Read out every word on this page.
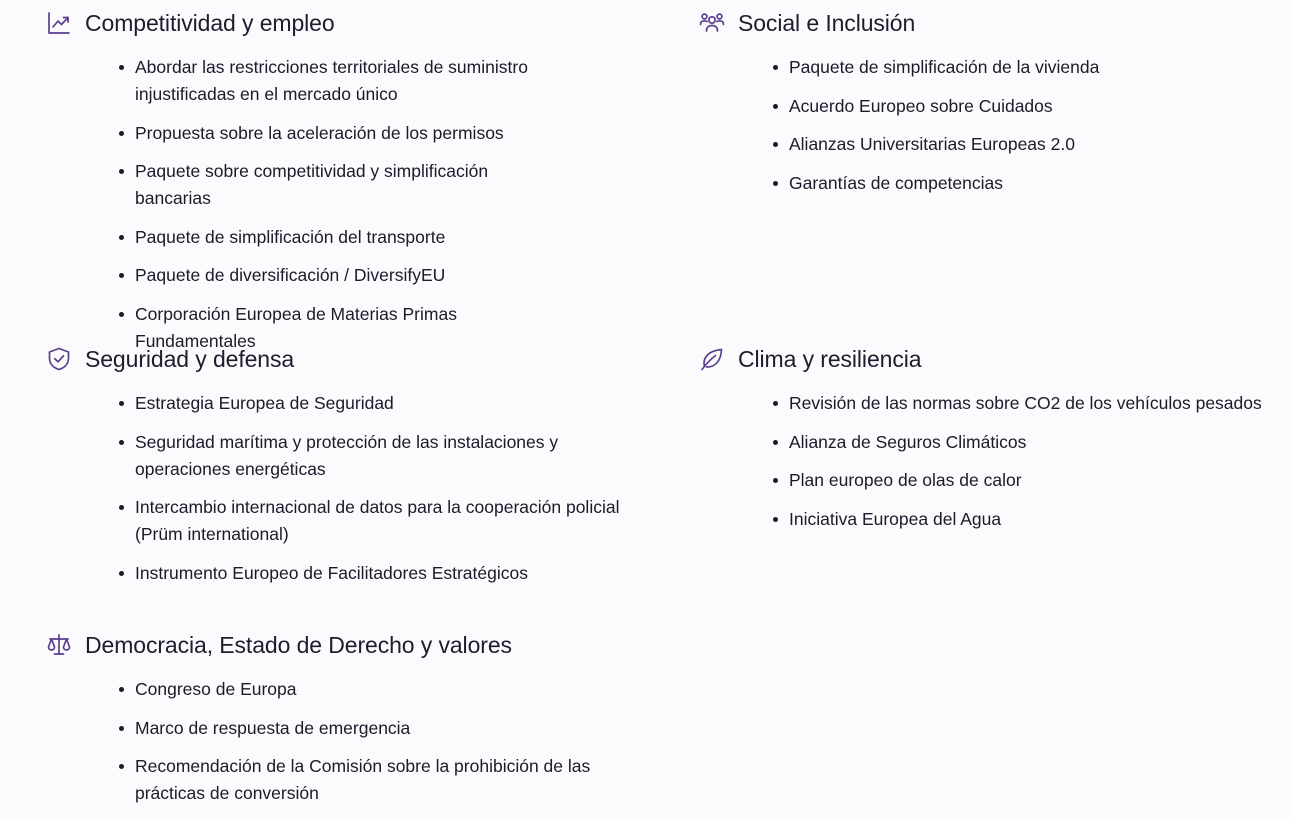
Competitividad y empleo
Abordar las restricciones territoriales de suministro injustificadas en el mercado único
Propuesta sobre la aceleración de los permisos
Paquete sobre competitividad y simplificación bancarias
Paquete de simplificación del transporte
Paquete de diversificación / DiversifyEU
Corporación Europea de Materias Primas Fundamentales
Social e Inclusión
Paquete de simplificación de la vivienda
Acuerdo Europeo sobre Cuidados
Alianzas Universitarias Europeas 2.0
Garantías de competencias
Seguridad y defensa
Estrategia Europea de Seguridad
Seguridad marítima y protección de las instalaciones y operaciones energéticas
Intercambio internacional de datos para la cooperación policial (Prüm international)
Instrumento Europeo de Facilitadores Estratégicos
Clima y resiliencia
Revisión de las normas sobre CO2 de los vehículos pesados
Alianza de Seguros Climáticos
Plan europeo de olas de calor
Iniciativa Europea del Agua
Democracia, Estado de Derecho y valores
Congreso de Europa
Marco de respuesta de emergencia
Recomendación de la Comisión sobre la prohibición de las prácticas de conversión
